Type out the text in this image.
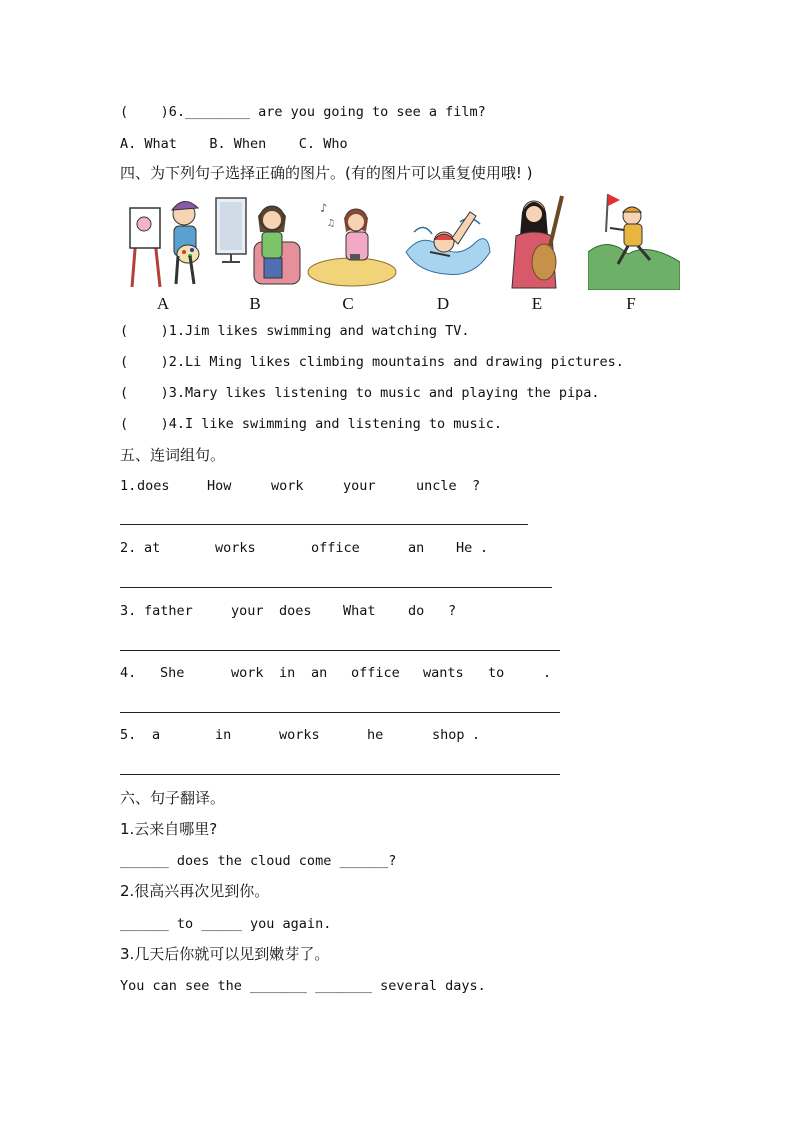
(    )6.________ are you going to see a film?
A. What    B. When    C. Who
四、为下列句子选择正确的图片。(有的图片可以重复使用哦! )
A	B
♪
♫
C	D	E	F
(    )1.Jim likes swimming and watching TV.
(    )2.Li Ming likes climbing mountains and drawing pictures.
(    )3.Mary likes listening to music and playing the pipa.
(    )4.I like swimming and listening to music.
五、连词组句。
1. does	How	work	your	uncle ?
2. at	works	office	an He .
3. father	your does What do ?
4. She	work in an office wants to	.
5. a	in	works	he	shop .
六、句子翻译。
1.云来自哪里?
______ does the cloud come ______?
2.很高兴再次见到你。
______ to _____ you again.
3.几天后你就可以见到嫩芽了。
You can see the _______ _______ several days.
